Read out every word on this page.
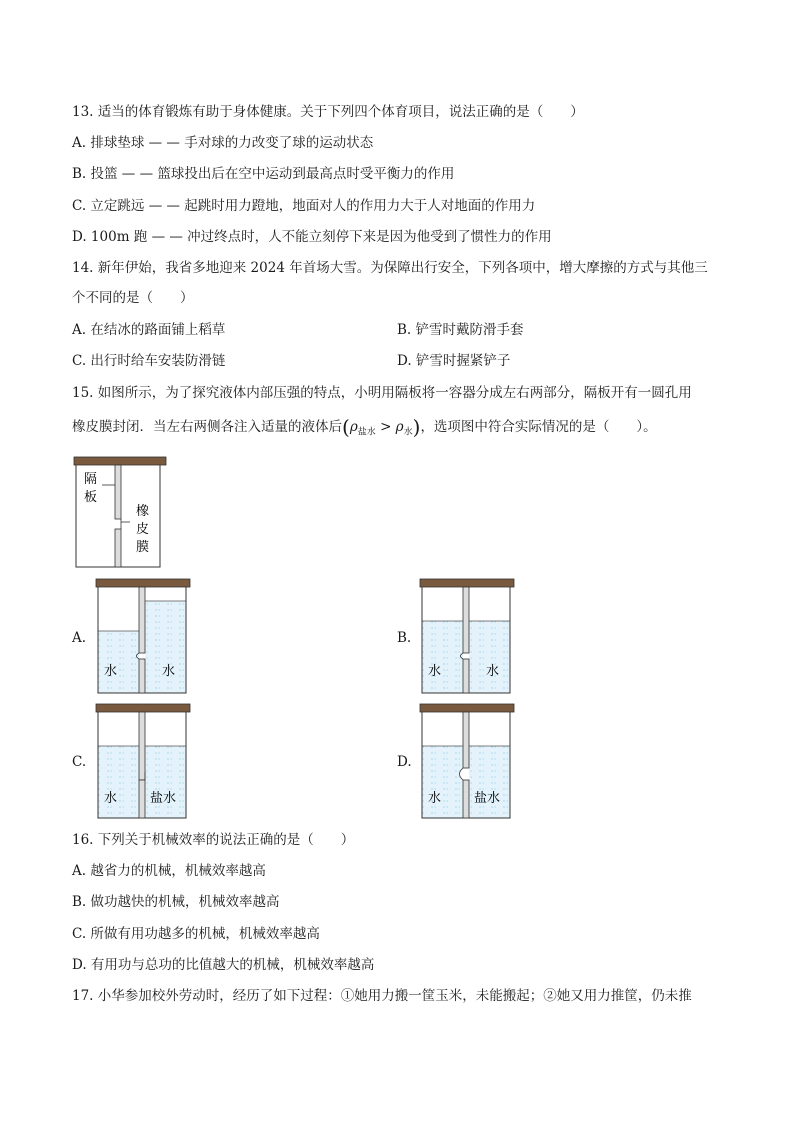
13. 适当的体育锻炼有助于身体健康。关于下列四个体育项目，说法正确的是（　　）
A. 排球垫球 — — 手对球的力改变了球的运动状态
B. 投篮 — — 篮球投出后在空中运动到最高点时受平衡力的作用
C. 立定跳远 — — 起跳时用力蹬地，地面对人的作用力大于人对地面的作用力
D. 100m 跑 — — 冲过终点时，人不能立刻停下来是因为他受到了惯性力的作用
14. 新年伊始，我省多地迎来 2024 年首场大雪。为保障出行安全，下列各项中，增大摩擦的方式与其他三
个不同的是（　　）
A. 在结冰的路面铺上稻草	B. 铲雪时戴防滑手套
C. 出行时给车安装防滑链	D. 铲雪时握紧铲子
15. 如图所示，为了探究液体内部压强的特点，小明用隔板将一容器分成左右两部分，隔板开有一圆孔用
橡皮膜封闭．当左右两侧各注入适量的液体后$(\rho_{盐水} > \rho_水)$，选项图中符合实际情况的是（　　）。
隔
板
橡
皮
膜
A.
水	水
B.
水	水
C.
水	盐水
D.
水	盐水
16. 下列关于机械效率的说法正确的是（　　）
A. 越省力的机械，机械效率越高
B. 做功越快的机械，机械效率越高
C. 所做有用功越多的机械，机械效率越高
D. 有用功与总功的比值越大的机械，机械效率越高
17. 小华参加校外劳动时，经历了如下过程：①她用力搬一筐玉米，未能搬起；②她又用力推筐，仍未推
